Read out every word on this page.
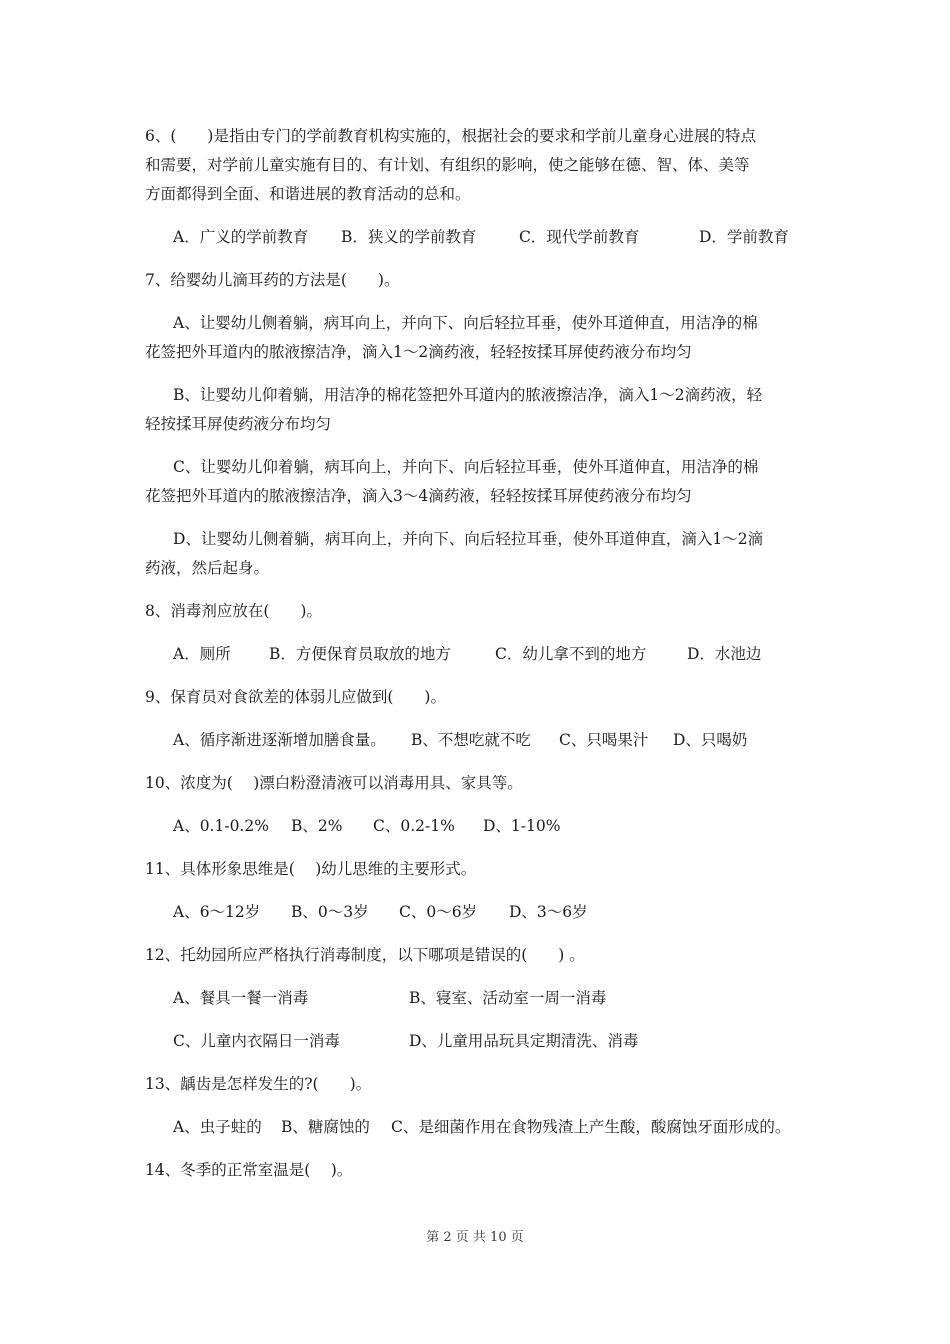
6、(　　)是指由专门的学前教育机构实施的，根据社会的要求和学前儿童身心进展的特点
和需要，对学前儿童实施有目的、有计划、有组织的影响，使之能够在德、智、体、美等
方面都得到全面、和谐进展的教育活动的总和。
A．广义的学前教育 B．狭义的学前教育	C．现代学前教育	D．学前教育
7、给婴幼儿滴耳药的方法是(　　)。
A、让婴幼儿侧着躺，病耳向上，并向下、向后轻拉耳垂，使外耳道伸直，用洁净的棉
花签把外耳道内的脓液擦洁净，滴入1～2滴药液，轻轻按揉耳屏使药液分布均匀
B、让婴幼儿仰着躺，用洁净的棉花签把外耳道内的脓液擦洁净，滴入1～2滴药液，轻
轻按揉耳屏使药液分布均匀
C、让婴幼儿仰着躺，病耳向上，并向下、向后轻拉耳垂，使外耳道伸直，用洁净的棉
花签把外耳道内的脓液擦洁净，滴入3～4滴药液，轻轻按揉耳屏使药液分布均匀
D、让婴幼儿侧着躺，病耳向上，并向下、向后轻拉耳垂，使外耳道伸直，滴入1～2滴
药液，然后起身。
8、消毒剂应放在(　　)。
A．厕所 B．方便保育员取放的地方	C．幼儿拿不到的地方	D．水池边
9、保育员对食欲差的体弱儿应做到(　　)。
A、循序渐进逐渐增加膳食量。 B、不想吃就不吃 C、只喝果汁 D、只喝奶
10、浓度为(　 )漂白粉澄清液可以消毒用具、家具等。
A、0.1-0.2% B、2% C、0.2-1% D、1-10%
11、具体形象思维是(　 )幼儿思维的主要形式。
A、6～12岁 B、0～3岁 C、0～6岁 D、3～6岁
12、托幼园所应严格执行消毒制度，以下哪项是错误的(　　) 。
A、餐具一餐一消毒	B、寝室、活动室一周一消毒
C、儿童内衣隔日一消毒	D、儿童用品玩具定期清洗、消毒
13、龋齿是怎样发生的?(　　)。
A、虫子蛀的 B、糖腐蚀的 C、是细菌作用在食物残渣上产生酸，酸腐蚀牙面形成的。
14、冬季的正常室温是(　 )。
第 2 页 共 10 页
